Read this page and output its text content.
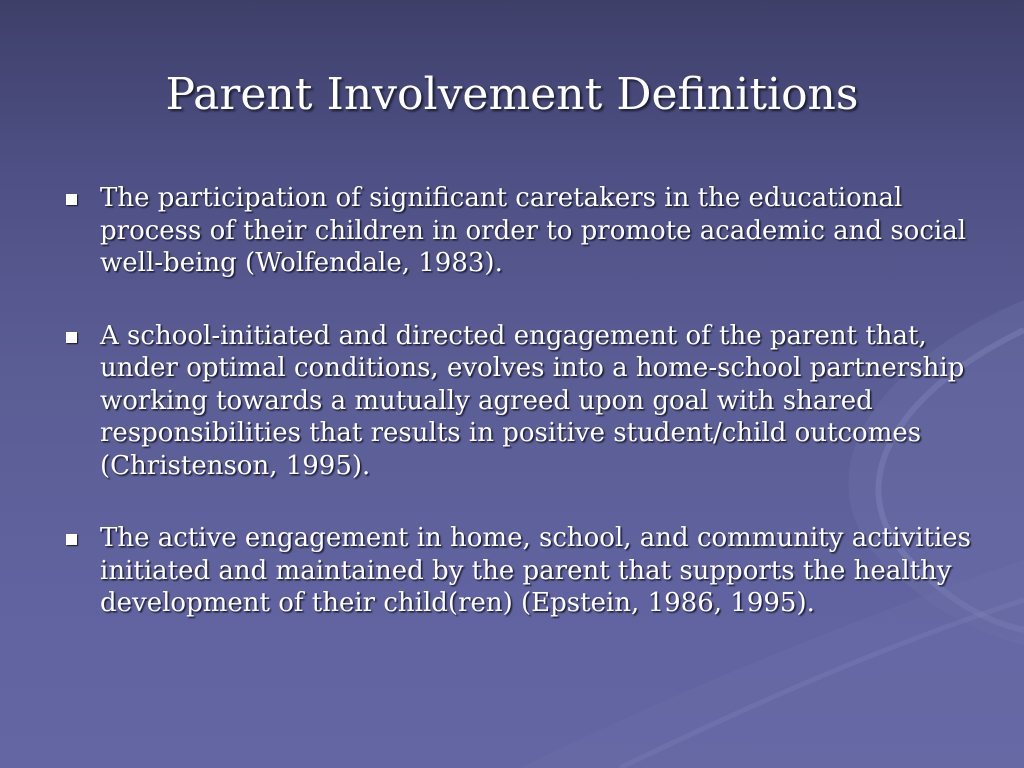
Parent Involvement Definitions
The participation of significant caretakers in the educational process of their children in order to promote academic and social well-being (Wolfendale, 1983).
A school-initiated and directed engagement of the parent that, under optimal conditions, evolves into a home-school partnership working towards a mutually agreed upon goal with shared responsibilities that results in positive student/child outcomes (Christenson, 1995).
The active engagement in home, school, and community activities initiated and maintained by the parent that supports the healthy development of their child(ren) (Epstein, 1986, 1995).
